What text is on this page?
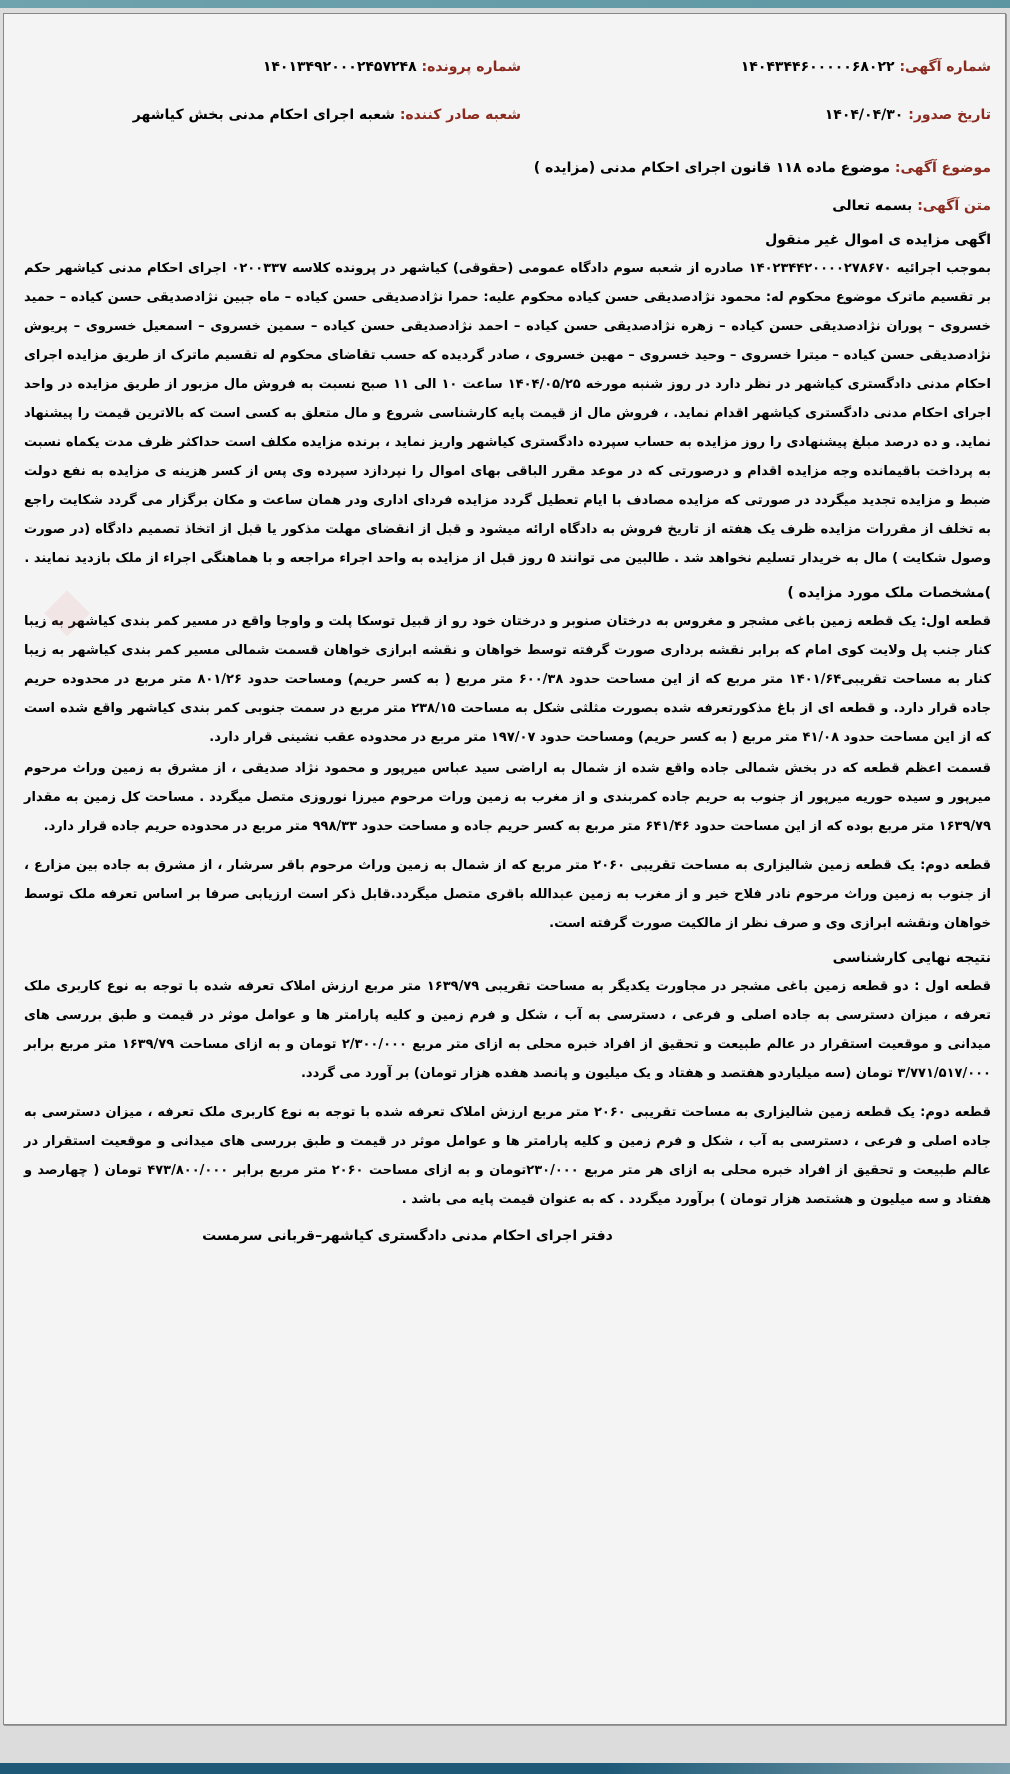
◆
شماره آگهی: ۱۴۰۴۳۴۴۶۰۰۰۰۰۶۸۰۲۲
شماره پرونده: ۱۴۰۱۳۴۹۲۰۰۰۲۴۵۷۲۴۸
تاریخ صدور: ۱۴۰۴/۰۴/۳۰
شعبه صادر کننده: شعبه اجرای احکام مدنی بخش کیاشهر
موضوع آگهی: موضوع ماده ۱۱۸ قانون اجرای احکام مدنی (مزایده )
متن آگهی: بسمه تعالی
اگهی مزایده ی اموال غیر منقول

بموجب اجرائیه ۱۴۰۲۳۴۴۲۰۰۰۰۲۷۸۶۷۰ صادره از شعبه سوم دادگاه عمومی (حقوقی) کیاشهر در پرونده کلاسه ۰۲۰۰۳۳۷ اجرای احکام مدنی کیاشهر حکم بر تقسیم ماترک موضوع محکوم له: محمود نژادصدیقی حسن کیاده محکوم علیه: حمرا نژادصدیقی حسن کیاده – ماه جبین نژادصدیقی حسن کیاده – حمید خسروی – پوران نژادصدیقی حسن کیاده – زهره نژادصدیقی حسن کیاده – احمد نژادصدیقی حسن کیاده – سمین خسروی – اسمعیل خسروی – پریوش نژادصدیقی حسن کیاده – میترا خسروی – وحید خسروی – مهین خسروی ، صادر گردیده که حسب تقاضای محکوم له تقسیم ماترک از طریق مزایده اجرای احکام مدنی دادگستری کیاشهر در نظر دارد در روز شنبه مورخه ۱۴۰۴/۰۵/۲۵ ساعت ۱۰ الی ۱۱ صبح نسبت به فروش مال مزبور از طریق مزایده در واحد اجرای احکام مدنی دادگستری کیاشهر اقدام نماید. ، فروش مال از قیمت پایه کارشناسی شروع و مال متعلق به کسی است که بالاترین قیمت را پیشنهاد نماید. و ده درصد مبلغ پیشنهادی را روز مزایده به حساب سپرده دادگستری کیاشهر واریز نماید ، برنده مزایده مکلف است حداکثر ظرف مدت یکماه نسبت به پرداخت باقیمانده وجه مزایده اقدام و درصورتی که در موعد مقرر الباقی بهای اموال را نپردازد سپرده وی پس از کسر هزینه ی مزایده به نفع دولت ضبط و مزایده تجدید میگردد در صورتی که مزایده مصادف با ایام تعطیل گردد مزایده فردای اداری ودر همان ساعت و مکان برگزار می گردد شکایت راجع به تخلف از مقررات مزایده ظرف یک هفته از تاریخ فروش به دادگاه ارائه میشود و قبل از انقضای مهلت مذکور یا قبل از اتخاذ تصمیم دادگاه (در صورت وصول شکایت ) مال به خریدار تسلیم نخواهد شد . طالبین می توانند ۵ روز قبل از مزایده به واحد اجراء مراجعه و با هماهنگی اجراء از ملک بازدید نمایند .

)مشخصات ملک مورد مزایده )

قطعه اول: یک قطعه زمین باغی مشجر و مغروس به درختان صنوبر و درختان خود رو از قبیل توسکا پلت و واوجا واقع در مسیر کمر بندی کیاشهر به زیبا کنار جنب پل ولایت کوی امام که برابر نقشه برداری صورت گرفته توسط خواهان و نقشه ابرازی خواهان قسمت شمالی مسیر کمر بندی کیاشهر به زیبا کنار به مساحت تقریبی۱۴۰۱/۶۴ متر مربع که از این مساحت حدود ۶۰۰/۳۸ متر مربع ( به کسر حریم) ومساحت حدود ۸۰۱/۲۶ متر مربع در محدوده حریم جاده قرار دارد. و قطعه ای از باغ مذکورتعرفه شده بصورت مثلثی شکل به مساحت ۲۳۸/۱۵ متر مربع در سمت جنوبی کمر بندی کیاشهر واقع شده است که از این مساحت حدود ۴۱/۰۸ متر مربع ( به کسر حریم) ومساحت حدود ۱۹۷/۰۷ متر مربع در محدوده عقب نشینی قرار دارد.

قسمت اعظم قطعه که در بخش شمالی جاده واقع شده از شمال به اراضی سید عباس میرپور و محمود نژاد صدیقی ، از مشرق به زمین وراث مرحوم میرپور و سیده حوریه میرپور از جنوب به حریم جاده کمربندی و از مغرب به زمین ورات مرحوم میرزا نوروزی متصل میگردد . مساحت کل زمین به مقدار ۱۶۳۹/۷۹ متر مربع بوده که از این مساحت حدود ۶۴۱/۴۶ متر مربع به کسر حریم جاده و مساحت حدود ۹۹۸/۳۳ متر مربع در محدوده حریم جاده قرار دارد.

قطعه دوم: یک قطعه زمین شالیزاری به مساحت تقریبی ۲۰۶۰ متر مربع که از شمال به زمین وراث مرحوم باقر سرشار ، از مشرق به جاده بین مزارع ، از جنوب به زمین وراث مرحوم نادر فلاح خیر و از مغرب به زمین عبدالله باقری متصل میگردد.قابل ذکر است ارزیابی صرفا بر اساس تعرفه ملک توسط خواهان ونقشه ابرازی وی و صرف نظر از مالکیت صورت گرفته است.

نتیجه نهایی کارشناسی

قطعه اول : دو قطعه زمین باغی مشجر در مجاورت یکدیگر به مساحت تقریبی ۱۶۳۹/۷۹ متر مربع ارزش املاک تعرفه شده با توجه به نوع کاربری ملک تعرفه ، میزان دسترسی به جاده اصلی و فرعی ، دسترسی به آب ، شکل و فرم زمین و کلیه پارامتر ها و عوامل موثر در قیمت و طبق بررسی های میدانی و موقعیت استقرار در عالم طبیعت و تحقیق از افراد خبره محلی به ازای متر مربع ۲/۳۰۰/۰۰۰ تومان و به ازای مساحت ۱۶۳۹/۷۹ متر مربع برابر ۳/۷۷۱/۵۱۷/۰۰۰ تومان (سه میلیاردو هفتصد و هفتاد و یک میلیون و پانصد هفده هزار تومان) بر آورد می گردد.

قطعه دوم: یک قطعه زمین شالیزاری به مساحت تقریبی ۲۰۶۰ متر مربع ارزش املاک تعرفه شده با توجه به نوع کاربری ملک تعرفه ، میزان دسترسی به جاده اصلی و فرعی ، دسترسی به آب ، شکل و فرم زمین و کلیه پارامتر ها و عوامل موثر در قیمت و طبق بررسی های میدانی و موقعیت استقرار در عالم طبیعت و تحقیق از افراد خبره محلی به ازای هر متر مربع ۲۳۰/۰۰۰تومان و به ازای مساحت ۲۰۶۰ متر مربع برابر ۴۷۳/۸۰۰/۰۰۰ تومان ( چهارصد و هفتاد و سه میلیون و هشتصد هزار تومان ) برآورد میگردد . که به عنوان قیمت پایه می باشد .

دفتر اجرای احکام مدنی دادگستری کیاشهر–قربانی سرمست
